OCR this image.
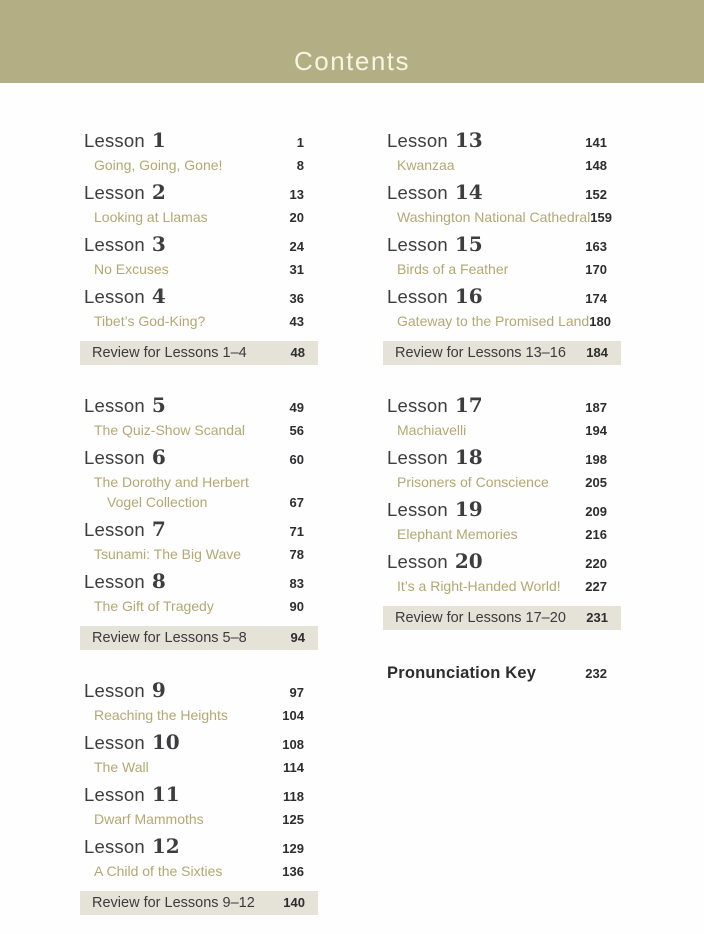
Contents
Lesson 1	1
Going, Going, Gone!	8
Lesson 2	13
Looking at Llamas	20
Lesson 3	24
No Excuses	31
Lesson 4	36
Tibet’s God-King?	43
Review for Lessons 1–4	48
Lesson 5	49
The Quiz-Show Scandal	56
Lesson 6	60
The Dorothy and Herbert
Vogel Collection	67
Lesson 7	71
Tsunami: The Big Wave	78
Lesson 8	83
The Gift of Tragedy	90
Review for Lessons 5–8	94
Lesson 9	97
Reaching the Heights	104
Lesson 10	108
The Wall	114
Lesson 11	118
Dwarf Mammoths	125
Lesson 12	129
A Child of the Sixties	136
Review for Lessons 9–12 140
Lesson 13	141
Kwanzaa	148
Lesson 14	152
Washington National Cathedral 159
Lesson 15	163
Birds of a Feather	170
Lesson 16	174
Gateway to the Promised Land 180
Review for Lessons 13–16 184
Lesson 17	187
Machiavelli	194
Lesson 18	198
Prisoners of Conscience	205
Lesson 19	209
Elephant Memories	216
Lesson 20	220
It’s a Right-Handed World! 227
Review for Lessons 17–20 231
Pronunciation Key	232
